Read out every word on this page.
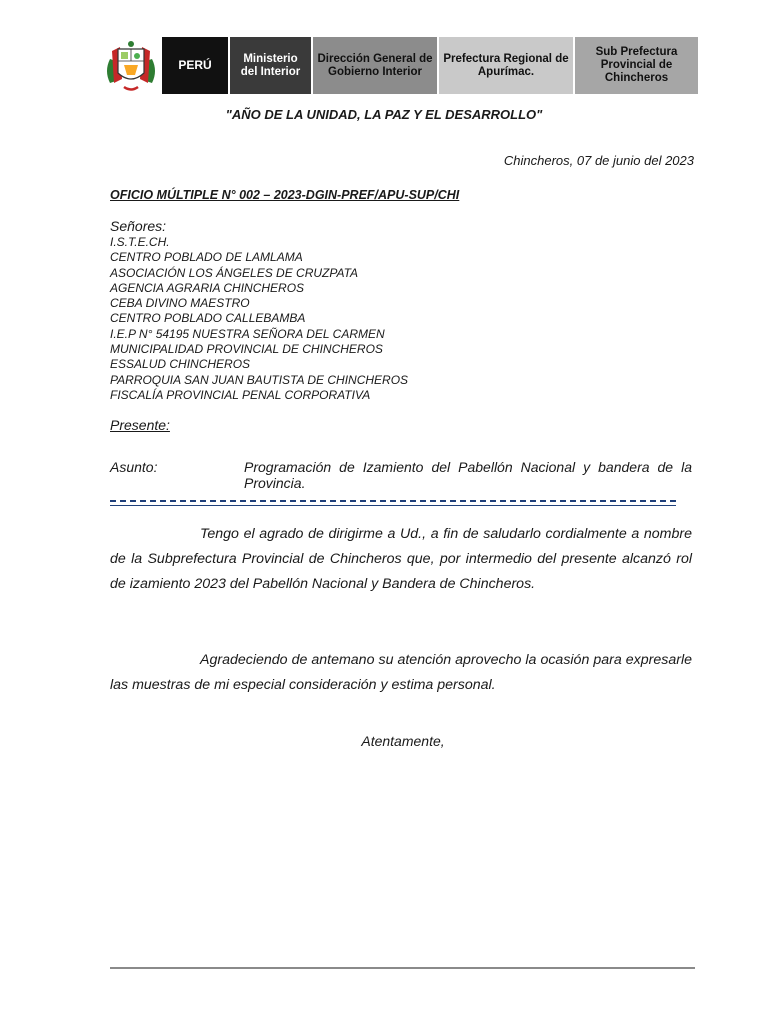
PERÚ	Ministerio del Interior
Dirección General de Gobierno Interior
Prefectura Regional de Apurímac.
Sub Prefectura Provincial de Chincheros
"AÑO DE LA UNIDAD, LA PAZ Y EL DESARROLLO"
Chincheros, 07 de junio del 2023
OFICIO MÚLTIPLE N° 002 – 2023-DGIN-PREF/APU-SUP/CHI
Señores:
I.S.T.E.CH.
CENTRO POBLADO DE LAMLAMA
ASOCIACIÓN LOS ÁNGELES DE CRUZPATA
AGENCIA AGRARIA CHINCHEROS
CEBA DIVINO MAESTRO
CENTRO POBLADO CALLEBAMBA
I.E.P N° 54195 NUESTRA SEÑORA DEL CARMEN
MUNICIPALIDAD PROVINCIAL DE CHINCHEROS
ESSALUD CHINCHEROS
PARROQUIA SAN JUAN BAUTISTA DE CHINCHEROS
FISCALÍA PROVINCIAL PENAL CORPORATIVA
Presente:
Asunto:	Programación de Izamiento del Pabellón Nacional y bandera de la Provincia.

Tengo el agrado de dirigirme a Ud., a fin de saludarlo cordialmente a nombre de la Subprefectura Provincial de Chincheros que, por intermedio del presente alcanzó rol de izamiento 2023 del Pabellón Nacional y Bandera de Chincheros.

Agradeciendo de antemano su atención aprovecho la ocasión para expresarle las muestras de mi especial consideración y estima personal.

Atentamente,
